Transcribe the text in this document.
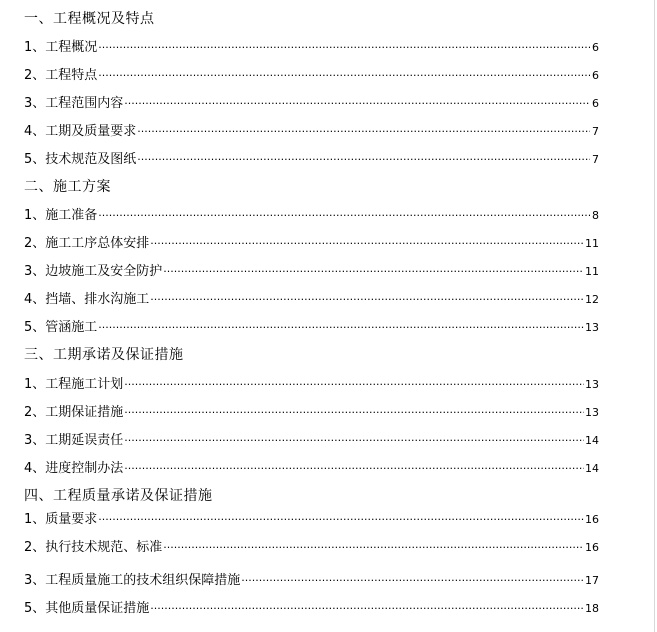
一、工程概况及特点
1、工程概况 ·····	6
2、工程特点 ·····	6
3、工程范围内容 ·····	6
4、工期及质量要求 ·····	7
5、技术规范及图纸 ·····	7
二、施工方案
1、施工准备 ·····	8
2、施工工序总体安排 ·····	11
3、边坡施工及安全防护 ·····	11
4、挡墙、排水沟施工 ·····	12
5、管涵施工 ·····	13
三、工期承诺及保证措施
1、工程施工计划 ·····	13
2、工期保证措施 ·····	13
3、工期延误责任 ·····	14
4、进度控制办法 ·····	14
四、工程质量承诺及保证措施
1、质量要求 ·····	16
2、执行技术规范、标准 ·····	16
3、工程质量施工的技术组织保障措施 ·····	17
5、其他质量保证措施 ·····	18
